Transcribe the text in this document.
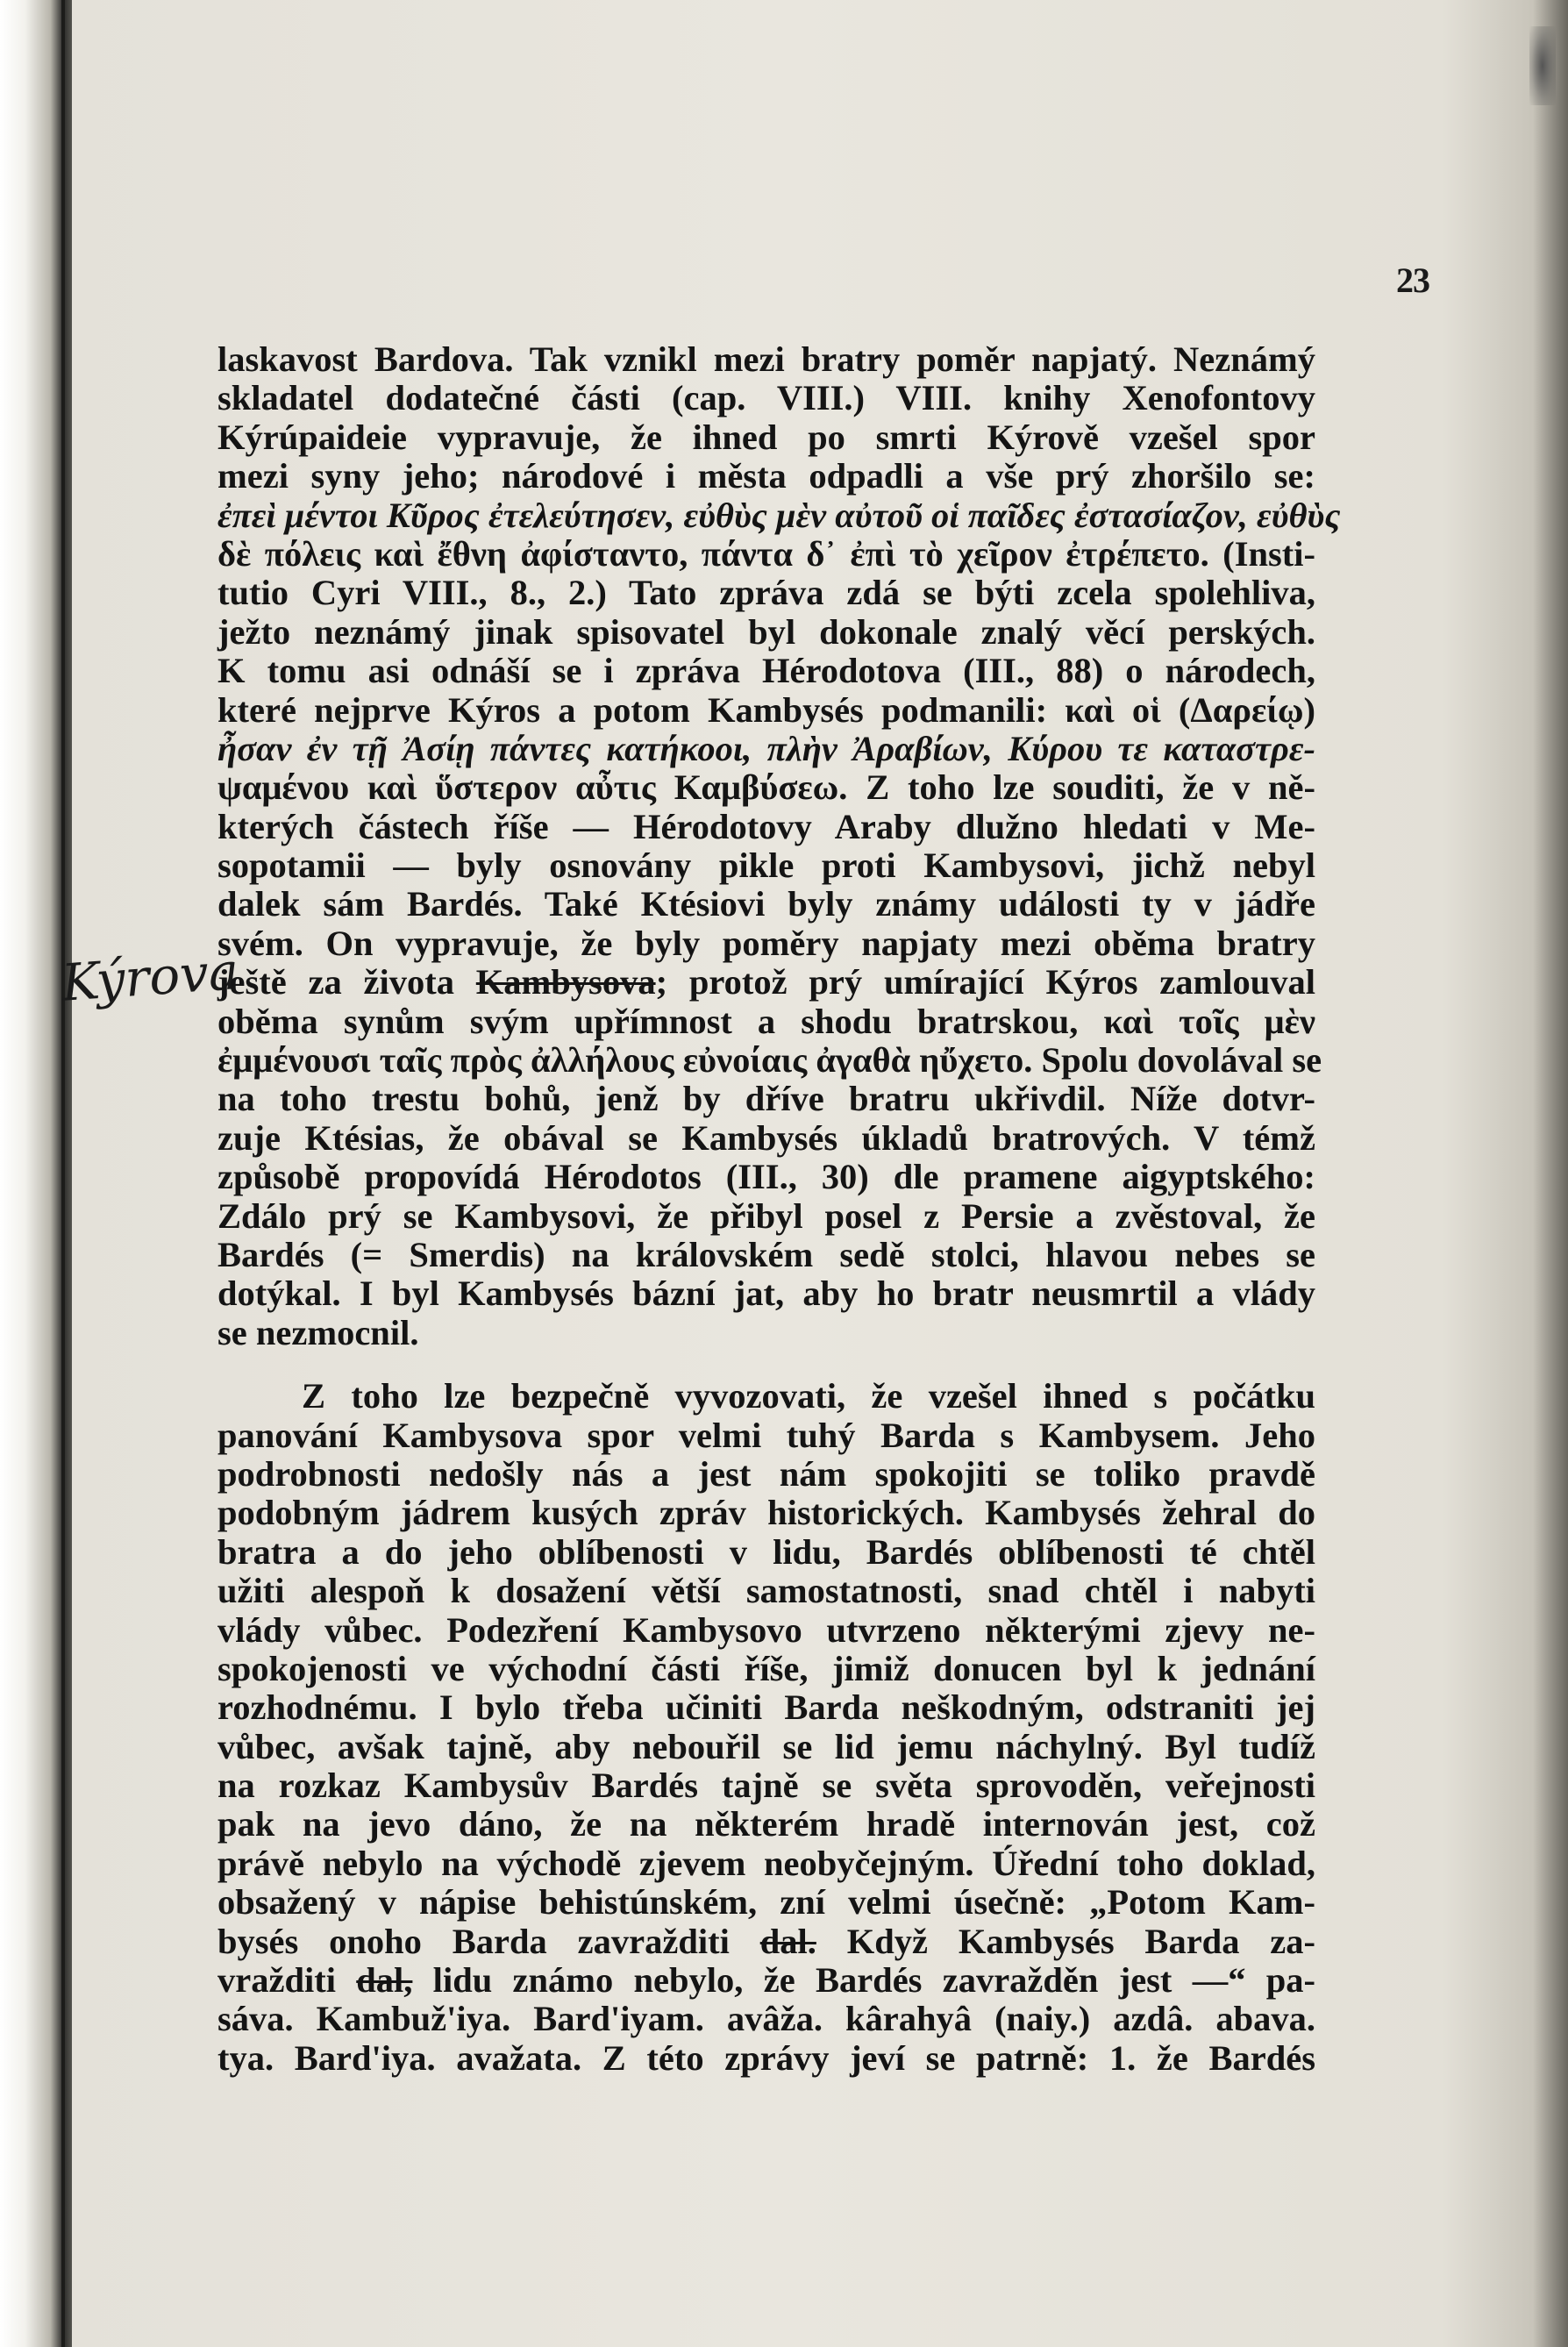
23
Kýrova
laskavost Bardova. Tak vznikl mezi bratry poměr napjatý. Neznámý
skladatel dodatečné části (cap. VIII.) VIII. knihy Xenofontovy
Kýrúpaideie vypravuje, že ihned po smrti Kýrově vzešel spor
mezi syny jeho; národové i města odpadli a vše prý zhoršilo se:
ἐπεὶ μέντοι Κῦρος ἐτελεύτησεν, εὐθὺς μὲν αὐτοῦ οἱ παῖδες ἐστασίαζον, εὐθὺς
δὲ πόλεις καὶ ἔθνη ἀφίσταντο, πάντα δ᾽ ἐπὶ τὸ χεῖρον ἐτρέπετο. (Insti-
tutio Cyri VIII., 8., 2.) Tato zpráva zdá se býti zcela spolehliva,
ježto neznámý jinak spisovatel byl dokonale znalý věcí perských.
K tomu asi odnáší se i zpráva Hérodotova (III., 88) o národech,
které nejprve Kýros a potom Kambysés podmanili: καὶ οἱ (Δαρείῳ)
ἦσαν ἐν τῇ Ἀσίῃ πάντες κατήκοοι, πλὴν Ἀραβίων, Κύρου τε καταστρε-
ψαμένου καὶ ὕστερον αὖτις Καμβύσεω. Z toho lze souditi, že v ně-
kterých částech říše — Hérodotovy Araby dlužno hledati v Me-
sopotamii — byly osnovány pikle proti Kambysovi, jichž nebyl
dalek sám Bardés. Také Ktésiovi byly známy události ty v jádře
svém. On vypravuje, že byly poměry napjaty mezi oběma bratry
ještě za života Kambysova; protož prý umírající Kýros zamlouval
oběma synům svým upřímnost a shodu bratrskou, καὶ τοῖς μὲν
ἐμμένουσι ταῖς πρὸς ἀλλήλους εὐνοίαις ἀγαθὰ ηὔχετο. Spolu dovolával se
na toho trestu bohů, jenž by dříve bratru ukřivdil. Níže dotvr-
zuje Ktésias, že obával se Kambysés úkladů bratrových. V témž
způsobě propovídá Hérodotos (III., 30) dle pramene aigyptského:
Zdálo prý se Kambysovi, že přibyl posel z Persie a zvěstoval, že
Bardés (= Smerdis) na královském sedě stolci, hlavou nebes se
dotýkal. I byl Kambysés bázní jat, aby ho bratr neusmrtil a vlády
se nezmocnil.
Z toho lze bezpečně vyvozovati, že vzešel ihned s počátku
panování Kambysova spor velmi tuhý Barda s Kambysem. Jeho
podrobnosti nedošly nás a jest nám spokojiti se toliko pravdě
podobným jádrem kusých zpráv historických. Kambysés žehral do
bratra a do jeho oblíbenosti v lidu, Bardés oblíbenosti té chtěl
užiti alespoň k dosažení větší samostatnosti, snad chtěl i nabyti
vlády vůbec. Podezření Kambysovo utvrzeno některými zjevy ne-
spokojenosti ve východní části říše, jimiž donucen byl k jednání
rozhodnému. I bylo třeba učiniti Barda neškodným, odstraniti jej
vůbec, avšak tajně, aby nebouřil se lid jemu náchylný. Byl tudíž
na rozkaz Kambysův Bardés tajně se světa sprovoděn, veřejnosti
pak na jevo dáno, že na některém hradě internován jest, což
právě nebylo na východě zjevem neobyčejným. Úřední toho doklad,
obsažený v nápise behistúnském, zní velmi úsečně: „Potom Kam-
bysés onoho Barda zavražditi dal. Když Kambysés Barda za-
vražditi dal, lidu známo nebylo, že Bardés zavražděn jest —“ pa-
sáva. Kambuž'iya. Bard'iyam. avâža. kârahyâ (naiy.) azdâ. abava.
tya. Bard'iya. avažata. Z této zprávy jeví se patrně: 1. že Bardés
